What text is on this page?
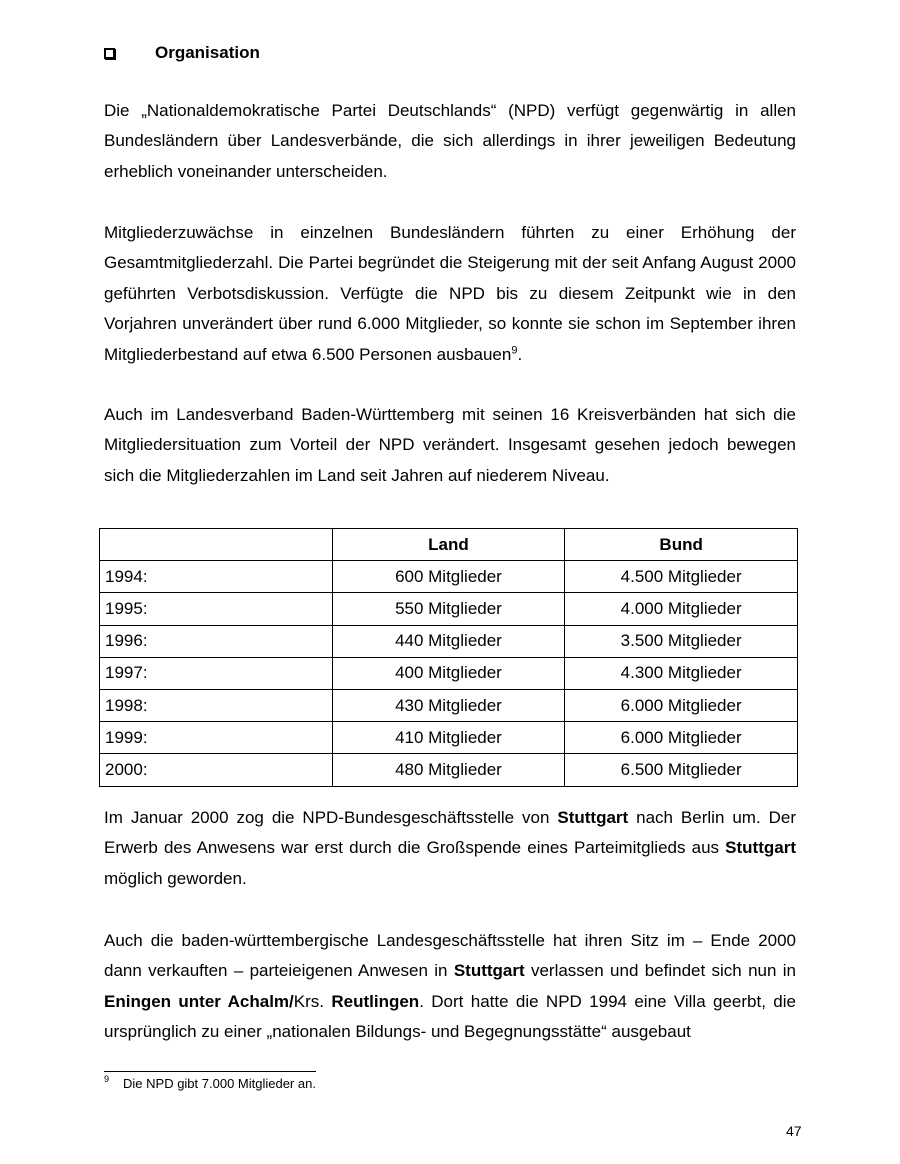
Organisation

Die „Nationaldemokratische Partei Deutschlands“ (NPD) verfügt gegenwärtig in allen Bundesländern über Landesverbände, die sich allerdings in ihrer jeweiligen Bedeutung erheblich voneinander unterscheiden.

Mitgliederzuwächse in einzelnen Bundesländern führten zu einer Erhöhung der Gesamtmitgliederzahl. Die Partei begründet die Steigerung mit der seit Anfang August 2000 geführten Verbotsdiskussion. Verfügte die NPD bis zu diesem Zeitpunkt wie in den Vorjahren unverändert über rund 6.000 Mitglieder, so konnte sie schon im September ihren Mitgliederbestand auf etwa 6.500 Personen ausbauen$^9$.

Auch im Landesverband Baden-Württemberg mit seinen 16 Kreisverbänden hat sich die Mitgliedersituation zum Vorteil der NPD verändert. Insgesamt gesehen jedoch bewegen sich die Mitgliederzahlen im Land seit Jahren auf niederem Niveau.

	Land	Bund
1994:	600 Mitglieder	4.500 Mitglieder
1995:	550 Mitglieder	4.000 Mitglieder
1996:	440 Mitglieder	3.500 Mitglieder
1997:	400 Mitglieder	4.300 Mitglieder
1998:	430 Mitglieder	6.000 Mitglieder
1999:	410 Mitglieder	6.000 Mitglieder
2000:	480 Mitglieder	6.500 Mitglieder

Im Januar 2000 zog die NPD-Bundesgeschäftsstelle von Stuttgart nach Berlin um. Der Erwerb des Anwesens war erst durch die Großspende eines Parteimitglieds aus Stuttgart möglich geworden.

Auch die baden-württembergische Landesgeschäftsstelle hat ihren Sitz im – Ende 2000 dann verkauften – parteieigenen Anwesen in Stuttgart verlassen und befindet sich nun in Eningen unter Achalm/Krs. Reutlingen. Dort hatte die NPD 1994 eine Villa geerbt, die ursprünglich zu einer „nationalen Bildungs- und Begegnungsstätte“ ausgebaut

$^9$ Die NPD gibt 7.000 Mitglieder an.
47
